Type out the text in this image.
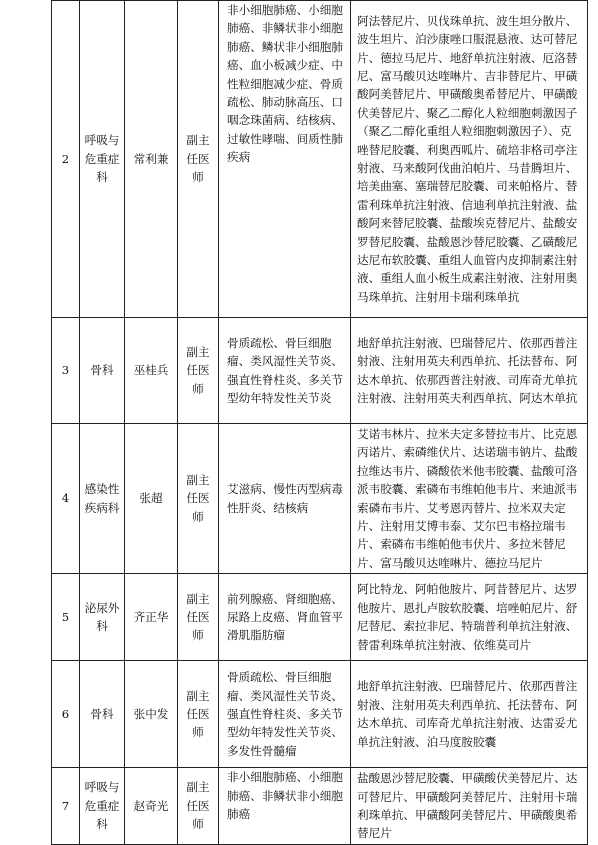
2	呼吸与危重症科	常利兼	副主任医师	非小细胞肺癌、小细胞肺癌、非鳞状非小细胞肺癌、鳞状非小细胞肺癌、血小板减少症、中性粒细胞减少症、骨质疏松、肺动脉高压、口咽念珠菌病、结核病、过敏性哮喘、间质性肺疾病	阿法替尼片、贝伐珠单抗、波生坦分散片、波生坦片、泊沙康唑口服混悬液、达可替尼片、德拉马尼片、地舒单抗注射液、厄洛替尼、富马酸贝达喹啉片、吉非替尼片、甲磺酸阿美替尼片、甲磺酸奥希替尼片、甲磺酸伏美替尼片、聚乙二醇化人粒细胞刺激因子（聚乙二醇化重组人粒细胞刺激因子）、克唑替尼胶囊、利奥西呱片、硫培非格司亭注射液、马来酸阿伐曲泊帕片、马昔腾坦片、培美曲塞、塞瑞替尼胶囊、司来帕格片、替雷利珠单抗注射液、信迪利单抗注射液、盐酸阿来替尼胶囊、盐酸埃克替尼片、盐酸安罗替尼胶囊、盐酸恩沙替尼胶囊、乙磺酸尼达尼布软胶囊、重组人血管内皮抑制素注射液、重组人血小板生成素注射液、注射用奥马珠单抗、注射用卡瑞利珠单抗

3	骨科	巫桂兵	副主任医师	骨质疏松、骨巨细胞瘤、类风湿性关节炎、强直性脊柱炎、多关节型幼年特发性关节炎	地舒单抗注射液、巴瑞替尼片、依那西普注射液、注射用英夫利西单抗、托法替布、阿达木单抗、依那西普注射液、司库奇尤单抗注射液、注射用英夫利西单抗、阿达木单抗

4	感染性疾病科	张超	副主任医师	艾滋病、慢性丙型病毒性肝炎、结核病	艾诺韦林片、拉米夫定多替拉韦片、比克恩丙诺片、索磷维伏片、达诺瑞韦钠片、盐酸拉维达韦片、磷酸依米他韦胶囊、盐酸可洛派韦胶囊、索磷布韦维帕他韦片、来迪派韦索磷布韦片、艾考恩丙替片、拉米双夫定片、注射用艾博韦泰、艾尔巴韦格拉瑞韦片、索磷布韦维帕他韦伏片、多拉米替尼片、富马酸贝达喹啉片、德拉马尼片

5	泌尿外科	齐正华	副主任医师	前列腺癌、肾细胞癌、尿路上皮癌、肾血管平滑肌脂肪瘤	阿比特龙、阿帕他胺片、阿昔替尼片、达罗他胺片、恩扎卢胺软胶囊、培唑帕尼片、舒尼替尼、索拉非尼、特瑞普利单抗注射液、替雷利珠单抗注射液、依维莫司片

6	骨科	张中发	副主任医师	骨质疏松、骨巨细胞瘤、类风湿性关节炎、强直性脊柱炎、多关节型幼年特发性关节炎、多发性骨髓瘤	地舒单抗注射液、巴瑞替尼片、依那西普注射液、注射用英夫利西单抗、托法替布、阿达木单抗、司库奇尤单抗注射液、达雷妥尤单抗注射液、泊马度胺胶囊

7	呼吸与危重症科	赵奇光	副主任医师	非小细胞肺癌、小细胞肺癌、非鳞状非小细胞肺癌	盐酸恩沙替尼胶囊、甲磺酸伏美替尼片、达可替尼片、甲磺酸阿美替尼片、注射用卡瑞利珠单抗、甲磺酸阿美替尼片、甲磺酸奥希替尼片
